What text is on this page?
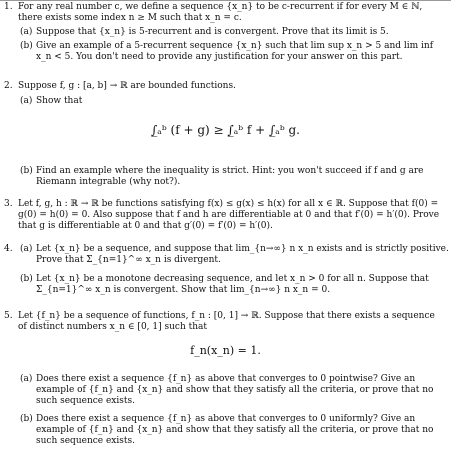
1. For any real number c, we define a sequence {x_n} to be c-recurrent if for every M ∈ ℕ, there exists some index n ≥ M such that x_n = c.

(a) Suppose that {x_n} is 5-recurrent and is convergent. Prove that its limit is 5.

(b) Give an example of a 5-recurrent sequence {x_n} such that lim sup x_n > 5 and lim inf x_n < 5. You don't need to provide any justification for your answer on this part.

2. Suppose f, g : [a, b] → ℝ are bounded functions.

(a) Show that

∫̲ₐᵇ (f + g) ≥ ∫̲ₐᵇ f + ∫̲ₐᵇ g.
(b) Find an example where the inequality is strict. Hint: you won't succeed if f and g are Riemann integrable (why not?).

3. Let f, g, h : ℝ → ℝ be functions satisfying f(x) ≤ g(x) ≤ h(x) for all x ∈ ℝ. Suppose that f(0) = g(0) = h(0) = 0. Also suppose that f and h are differentiable at 0 and that f′(0) = h′(0). Prove that g is differentiable at 0 and that g′(0) = f′(0) = h′(0).

4. (a) Let {x_n} be a sequence, and suppose that lim_{n→∞} n x_n exists and is strictly positive. Prove that Σ_{n=1}^∞ x_n is divergent.

(b) Let {x_n} be a monotone decreasing sequence, and let x_n > 0 for all n. Suppose that Σ_{n=1}^∞ x_n is convergent. Show that lim_{n→∞} n x_n = 0.

5. Let {f_n} be a sequence of functions, f_n : [0, 1] → ℝ. Suppose that there exists a sequence of distinct numbers x_n ∈ [0, 1] such that

f_n(x_n) = 1.
(a) Does there exist a sequence {f_n} as above that converges to 0 pointwise? Give an example of {f_n} and {x_n} and show that they satisfy all the criteria, or prove that no such sequence exists.

(b) Does there exist a sequence {f_n} as above that converges to 0 uniformly? Give an example of {f_n} and {x_n} and show that they satisfy all the criteria, or prove that no such sequence exists.
